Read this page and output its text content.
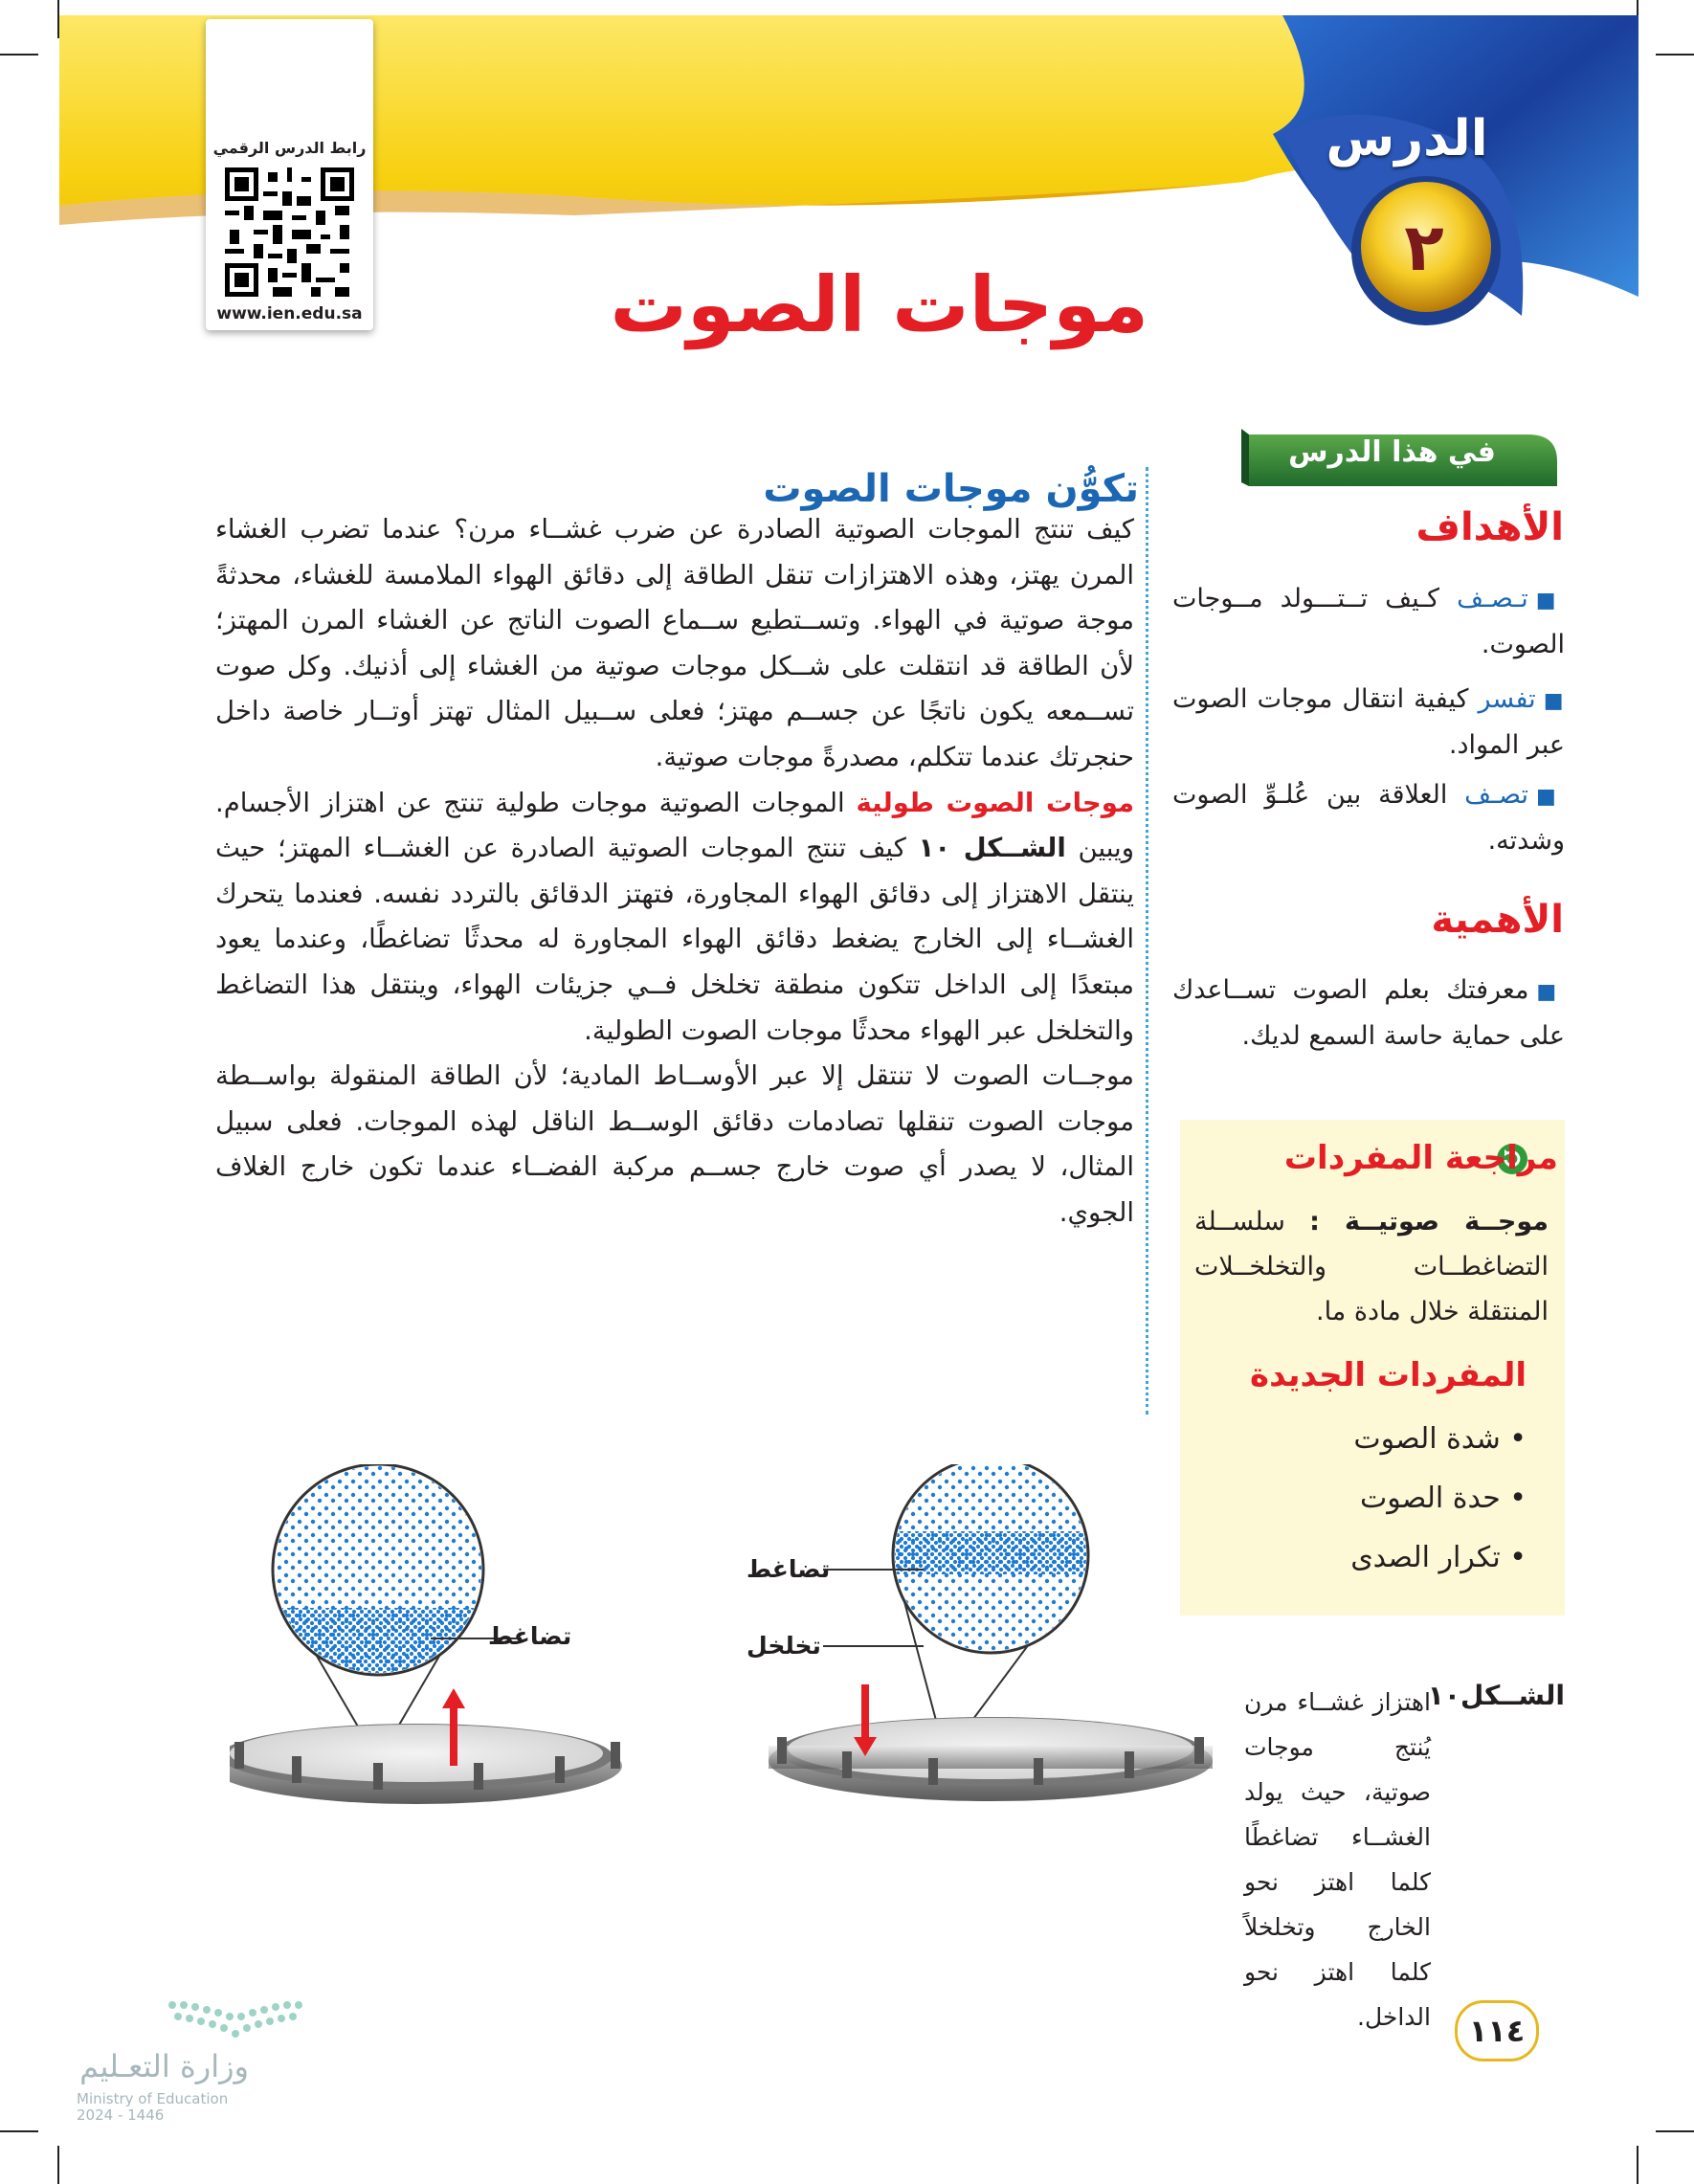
رابط الدرس الرقمي
www.ien.edu.sa
الدرس
٢
موجات الصوت
في هذا الدرس
الأهداف
■تـصـف كـيف تــتـــولد مــوجات الصوت.
■تفسر كيفية انتقال موجات الصوت عبر المواد.
■تصـف العلاقة بين عُلـوِّ الصوت وشدته.
الأهمية
■معرفتك بعلم الصوت تســاعدك على حماية حاسة السمع لديك.
مراجعة المفردات
موجــة صوتيــة : سلســلة التضاغطــات والتخلخــلات المنتقلة خلال مادة ما.
المفردات الجديدة
• شدة الصوت
• حدة الصوت
• تكرار الصدى
تكوُّن موجات الصوت

كيف تنتج الموجات الصوتية الصادرة عن ضرب غشــاء مرن؟ عندما تضرب الغشاء المرن يهتز، وهذه الاهتزازات تنقل الطاقة إلى دقائق الهواء الملامسة للغشاء، محدثةً موجة صوتية في الهواء. وتســتطيع ســماع الصوت الناتج عن الغشاء المرن المهتز؛ لأن الطاقة قد انتقلت على شــكل موجات صوتية من الغشاء إلى أذنيك. وكل صوت تســمعه يكون ناتجًا عن جســم مهتز؛ فعلى ســبيل المثال تهتز أوتــار خاصة داخل حنجرتك عندما تتكلم، مصدرةً موجات صوتية.

موجات الصوت طولية الموجات الصوتية موجات طولية تنتج عن اهتزاز الأجسام. ويبين الشــكل ١٠ كيف تنتج الموجات الصوتية الصادرة عن الغشــاء المهتز؛ حيث ينتقل الاهتزاز إلى دقائق الهواء المجاورة، فتهتز الدقائق بالتردد نفسه. فعندما يتحرك الغشــاء إلى الخارج يضغط دقائق الهواء المجاورة له محدثًا تضاغطًا، وعندما يعود مبتعدًا إلى الداخل تتكون منطقة تخلخل فــي جزيئات الهواء، وينتقل هذا التضاغط والتخلخل عبر الهواء محدثًا موجات الصوت الطولية.

موجــات الصوت لا تنتقل إلا عبر الأوســاط المادية؛ لأن الطاقة المنقولة بواســطة موجات الصوت تنقلها تصادمات دقائق الوســط الناقل لهذه الموجات. فعلى سبيل المثال، لا يصدر أي صوت خارج جســم مركبة الفضــاء عندما تكون خارج الغلاف الجوي.

تضاغط
تخلخل
تضاغط
الشــكل١٠
اهتزاز غشــاء مرن يُنتج موجات صوتية، حيث يولد الغشــاء تضاغطًا كلما اهتز نحو الخارج وتخلخلاً كلما اهتز نحو الداخل.	١١٤
وزارة التعـليم
Ministry of Education
2024 - 1446
